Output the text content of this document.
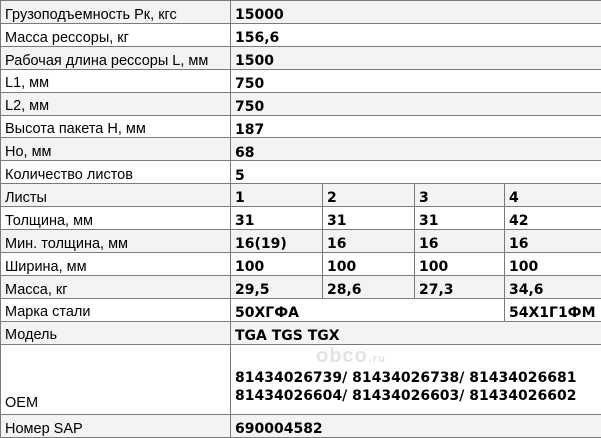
Грузоподъемность Рк, кгс	15000			
Масса рессоры, кг	156,6			
Рабочая длина рессоры L, мм	1500			
L1, мм	750			
L2, мм	750			
Высота пакета H, мм	187			
Hо, мм	68			
Количество листов	5			
Листы	1	2	3	4
Толщина, мм	31	31	31	42
Мин. толщина, мм	16(19)	16	16	16
Ширина, мм	100	100	100	100
Масса, кг	29,5	28,6	27,3	34,6
Марка стали	50ХГФА			54Х1Г1ФМ
Модель	TGA TGS TGX			
OEM	81434026739/ 81434026738/ 81434026681
81434026604/ 81434026603/ 81434026602			

Номер SAP	690004582			
obco.ru
